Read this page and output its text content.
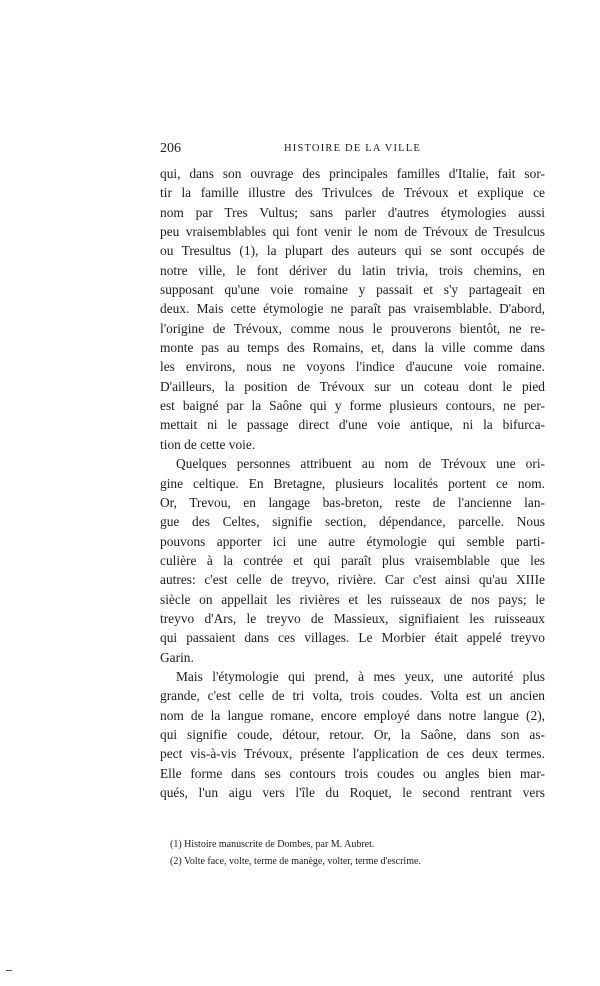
206	HISTOIRE DE LA VILLE

qui, dans son ouvrage des principales familles d'Italie, fait sor-
tir la famille illustre des Trivulces de Trévoux et explique ce
nom par Tres Vultus; sans parler d'autres étymologies aussi
peu vraisemblables qui font venir le nom de Trévoux de Tresulcus
ou Tresultus (1), la plupart des auteurs qui se sont occupés de
notre ville, le font dériver du latin trivia, trois chemins, en
supposant qu'une voie romaine y passait et s'y partageait en
deux. Mais cette étymologie ne paraît pas vraisemblable. D'abord,
l'origine de Trévoux, comme nous le prouverons bientôt, ne re-
monte pas au temps des Romains, et, dans la ville comme dans
les environs, nous ne voyons l'indice d'aucune voie romaine.
D'ailleurs, la position de Trévoux sur un coteau dont le pied
est baigné par la Saône qui y forme plusieurs contours, ne per-
mettait ni le passage direct d'une voie antique, ni la bifurca-
tion de cette voie.

Quelques personnes attribuent au nom de Trévoux une ori-
gine celtique. En Bretagne, plusieurs localités portent ce nom.
Or, Trevou, en langage bas-breton, reste de l'ancienne lan-
gue des Celtes, signifie section, dépendance, parcelle. Nous
pouvons apporter ici une autre étymologie qui semble parti-
culière à la contrée et qui paraît plus vraisemblable que les
autres: c'est celle de treyvo, rivière. Car c'est ainsi qu'au XIIIe
siècle on appellait les rivières et les ruisseaux de nos pays; le
treyvo d'Ars, le treyvo de Massieux, signifiaient les ruisseaux
qui passaient dans ces villages. Le Morbier était appelé treyvo
Garin.

Mais l'étymologie qui prend, à mes yeux, une autorité plus
grande, c'est celle de tri volta, trois coudes. Volta est un ancien
nom de la langue romane, encore employé dans notre langue (2),
qui signifie coude, détour, retour. Or, la Saône, dans son as-
pect vis-à-vis Trévoux, présente l'application de ces deux termes.
Elle forme dans ses contours trois coudes ou angles bien mar-
qués, l'un aigu vers l'île du Roquet, le second rentrant vers

(1) Histoire manuscrite de Dombes, par M. Aubret.
(2) Volte face, volte, terme de manège, volter, terme d'escrime.
